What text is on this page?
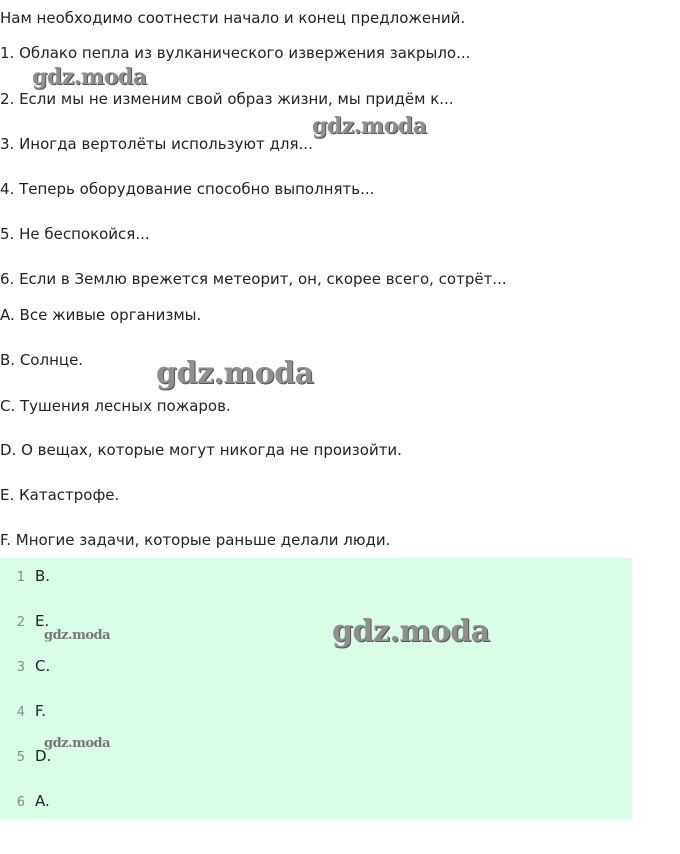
Нам необходимо соотнести начало и конец предложений.
1. Облако пепла из вулканического извержения закрыло...
2. Если мы не изменим свой образ жизни, мы придём к...
3. Иногда вертолёты используют для...
4. Теперь оборудование способно выполнять...
5. Не беспокойся...
6. Если в Землю врежется метеорит, он, скорее всего, сотрёт...
A. Все живые организмы.
B. Солнце.
C. Тушения лесных пожаров.
D. О вещах, которые могут никогда не произойти.
E. Катастрофе.
F. Многие задачи, которые раньше делали люди.
1 B.
2 E.
3 C.
4 F.
5 D.
6 A.
gdz.moda
gdz.moda
gdz.moda
gdz.moda
gdz.moda
gdz.moda
